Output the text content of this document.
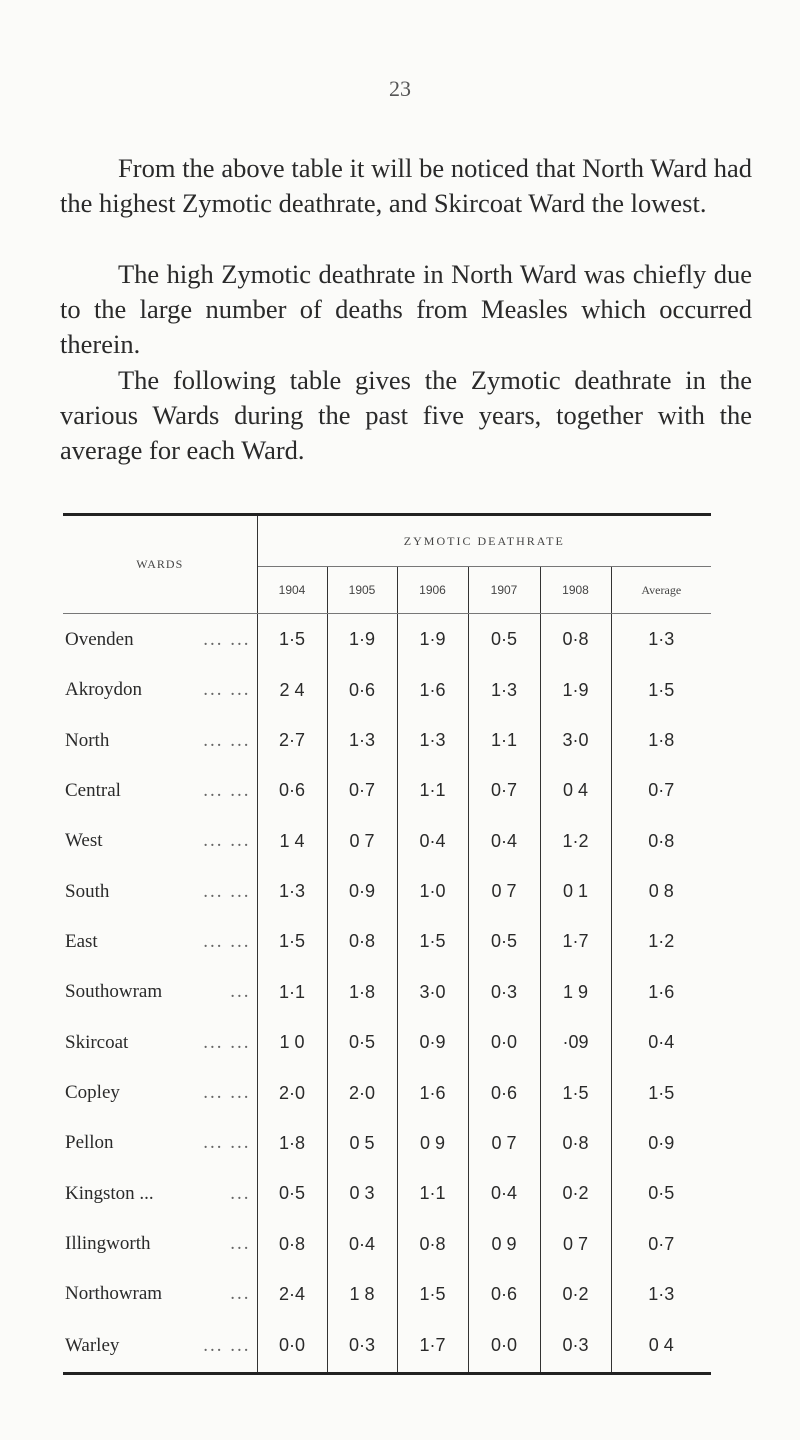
23

From the above table it will be noticed that North Ward had the highest Zymotic deathrate, and Skircoat Ward the lowest.

The high Zymotic deathrate in North Ward was chiefly due to the large number of deaths from Measles which occurred therein.

The following table gives the Zymotic deathrate in the various Wards during the past five years, together with the average for each Ward.

WARDS	ZYMOTIC DEATHRATE					
	1904	1905	1906	1907	1908	Average
Ovenden ... ...	1·5	1·9	1·9	0·5	0·8	1·3
Akroydon ... ...	2 4	0·6	1·6	1·3	1·9	1·5
North ... ...	2·7	1·3	1·3	1·1	3·0	1·8
Central ... ...	0·6	0·7	1·1	0·7	0 4	0·7
West ... ...	1 4	0 7	0·4	0·4	1·2	0·8
South ... ...	1·3	0·9	1·0	0 7	0 1	0 8
East ... ...	1·5	0·8	1·5	0·5	1·7	1·2
Southowram ...	1·1	1·8	3·0	0·3	1 9	1·6
Skircoat ... ...	1 0	0·5	0·9	0·0	·09	0·4
Copley ... ...	2·0	2·0	1·6	0·6	1·5	1·5
Pellon ... ...	1·8	0 5	0 9	0 7	0·8	0·9
Kingston ... ...	0·5	0 3	1·1	0·4	0·2	0·5
Illingworth ...	0·8	0·4	0·8	0 9	0 7	0·7
Northowram ...	2·4	1 8	1·5	0·6	0·2	1·3
Warley ... ...	0·0	0·3	1·7	0·0	0·3	0 4
